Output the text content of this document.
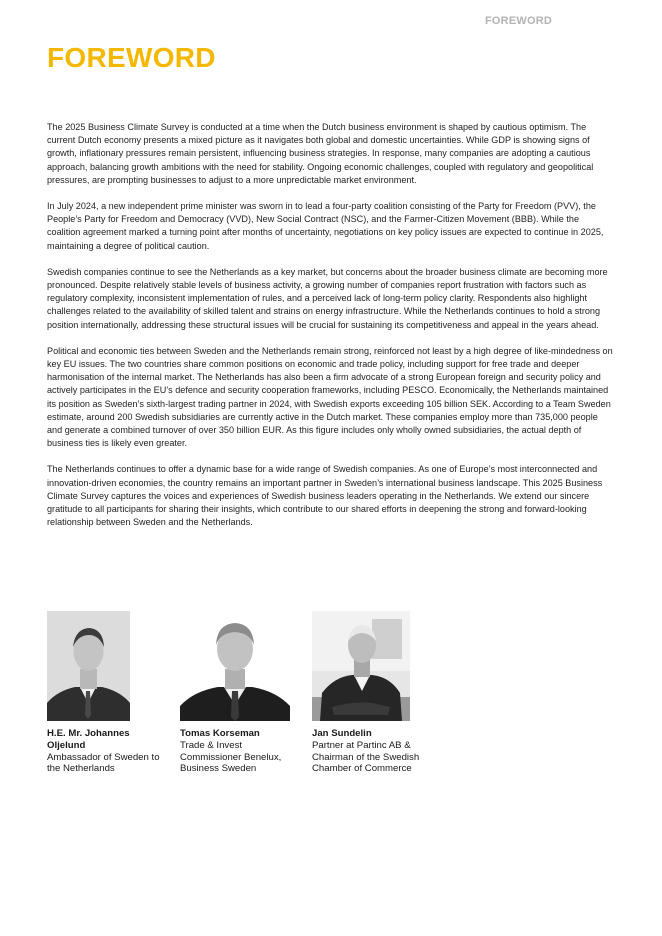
FOREWORD
FOREWORD

The 2025 Business Climate Survey is conducted at a time when the Dutch business environment is shaped by cautious optimism. The current Dutch economy presents a mixed picture as it navigates both global and domestic uncertainties. While GDP is showing signs of growth, inflationary pressures remain persistent, influencing business strategies. In response, many companies are adopting a cautious approach, balancing growth ambitions with the need for stability. Ongoing economic challenges, coupled with regulatory and geopolitical pressures, are prompting businesses to adjust to a more unpredictable market environment.

In July 2024, a new independent prime minister was sworn in to lead a four-party coalition consisting of the Party for Freedom (PVV), the People’s Party for Freedom and Democracy (VVD), New Social Contract (NSC), and the Farmer-Citizen Movement (BBB). While the coalition agreement marked a turning point after months of uncertainty, negotiations on key policy issues are expected to continue in 2025, maintaining a degree of political caution.

Swedish companies continue to see the Netherlands as a key market, but concerns about the broader business climate are becoming more pronounced. Despite relatively stable levels of business activity, a growing number of companies report frustration with factors such as regulatory complexity, inconsistent implementation of rules, and a perceived lack of long-term policy clarity. Respondents also highlight challenges related to the availability of skilled talent and strains on energy infrastructure. While the Netherlands continues to hold a strong position internationally, addressing these structural issues will be crucial for sustaining its competitiveness and appeal in the years ahead.

Political and economic ties between Sweden and the Netherlands remain strong, reinforced not least by a high degree of like-mindedness on key EU issues. The two countries share common positions on economic and trade policy, including support for free trade and deeper harmonisation of the internal market. The Netherlands has also been a firm advocate of a strong European foreign and security policy and actively participates in the EU’s defence and security cooperation frameworks, including PESCO. Economically, the Netherlands maintained its position as Sweden’s sixth-largest trading partner in 2024, with Swedish exports exceeding 105 billion SEK. According to a Team Sweden estimate, around 200 Swedish subsidiaries are currently active in the Dutch market. These companies employ more than 735,000 people and generate a combined turnover of over 350 billion EUR. As this figure includes only wholly owned subsidiaries, the actual depth of business ties is likely even greater.

The Netherlands continues to offer a dynamic base for a wide range of Swedish companies. As one of Europe’s most interconnected and innovation-driven economies, the country remains an important partner in Sweden’s international business landscape. This 2025 Business Climate Survey captures the voices and experiences of Swedish business leaders operating in the Netherlands. We extend our sincere gratitude to all participants for sharing their insights, which contribute to our shared efforts in deepening the strong and forward-looking relationship between Sweden and the Netherlands.

H.E. Mr. Johannes Oljelund
Ambassador of Sweden to the Netherlands
Tomas Korseman
Trade & Invest Commissioner Benelux, Business Sweden
Jan Sundelin
Partner at Partinc AB & Chairman of the Swedish Chamber of Commerce
